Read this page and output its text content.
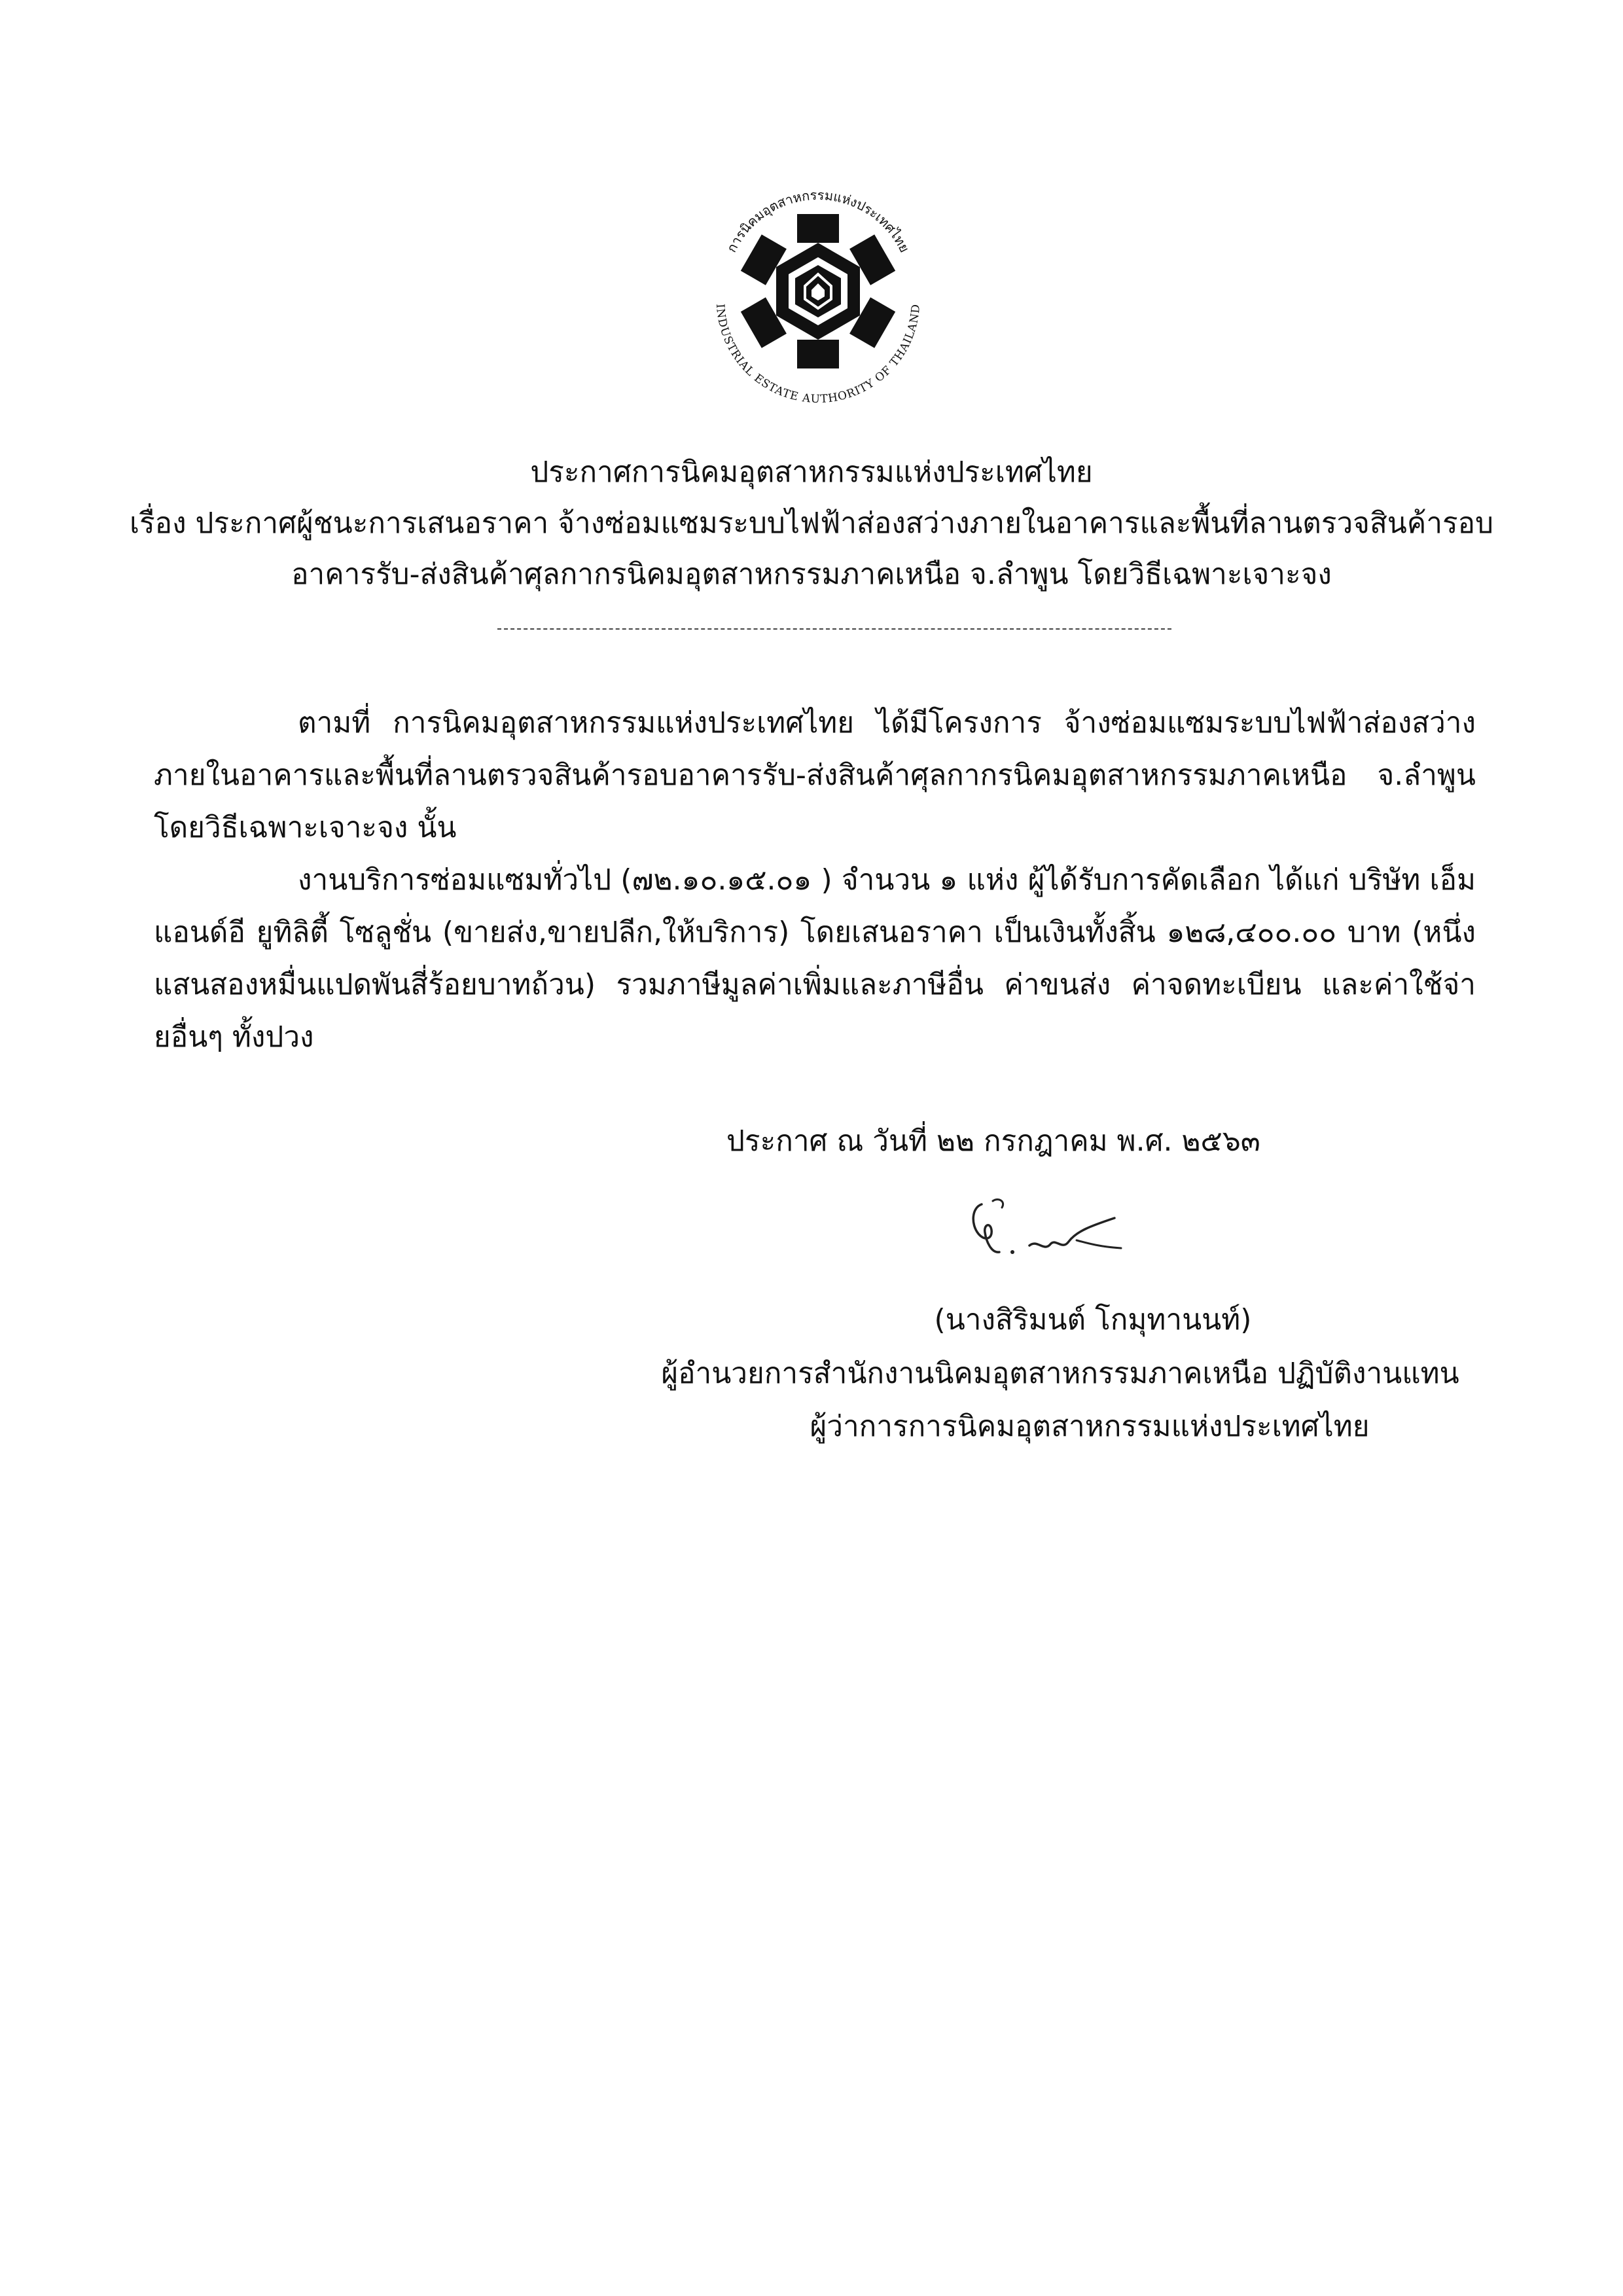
การนิคมอุตสาหกรรมแห่งประเทศไทย
INDUSTRIAL ESTATE AUTHORITY OF THAILAND
ประกาศการนิคมอุตสาหกรรมแห่งประเทศไทย
เรื่อง ประกาศผู้ชนะการเสนอราคา จ้างซ่อมแซมระบบไฟฟ้าส่องสว่างภายในอาคารและพื้นที่ลานตรวจสินค้ารอบ
อาคารรับ-ส่งสินค้าศุลกากรนิคมอุตสาหกรรมภาคเหนือ จ.ลำพูน โดยวิธีเฉพาะเจาะจง
ตามที่ การนิคมอุตสาหกรรมแห่งประเทศไทย ได้มีโครงการ จ้างซ่อมแซมระบบไฟฟ้าส่องสว่างภายในอาคารและพื้นที่ลานตรวจสินค้ารอบอาคารรับ-ส่งสินค้าศุลกากรนิคมอุตสาหกรรมภาคเหนือ จ.ลำพูน โดยวิธีเฉพาะเจาะจง นั้น
งานบริการซ่อมแซมทั่วไป (๗๒.๑๐.๑๕.๐๑ ) จำนวน ๑ แห่ง ผู้ได้รับการคัดเลือก ได้แก่ บริษัท เอ็มแอนด์อี ยูทิลิตี้ โซลูชั่น (ขายส่ง,ขายปลีก,ให้บริการ) โดยเสนอราคา เป็นเงินทั้งสิ้น ๑๒๘,๔๐๐.๐๐ บาท (หนึ่งแสนสองหมื่นแปดพันสี่ร้อยบาทถ้วน) รวมภาษีมูลค่าเพิ่มและภาษีอื่น ค่าขนส่ง ค่าจดทะเบียน และค่าใช้จ่ายอื่นๆ ทั้งปวง
ประกาศ ณ วันที่ ๒๒ กรกฎาคม พ.ศ. ๒๕๖๓
(นางสิริมนต์ โกมุทานนท์)
ผู้อำนวยการสำนักงานนิคมอุตสาหกรรมภาคเหนือ ปฏิบัติงานแทน
ผู้ว่าการการนิคมอุตสาหกรรมแห่งประเทศไทย
